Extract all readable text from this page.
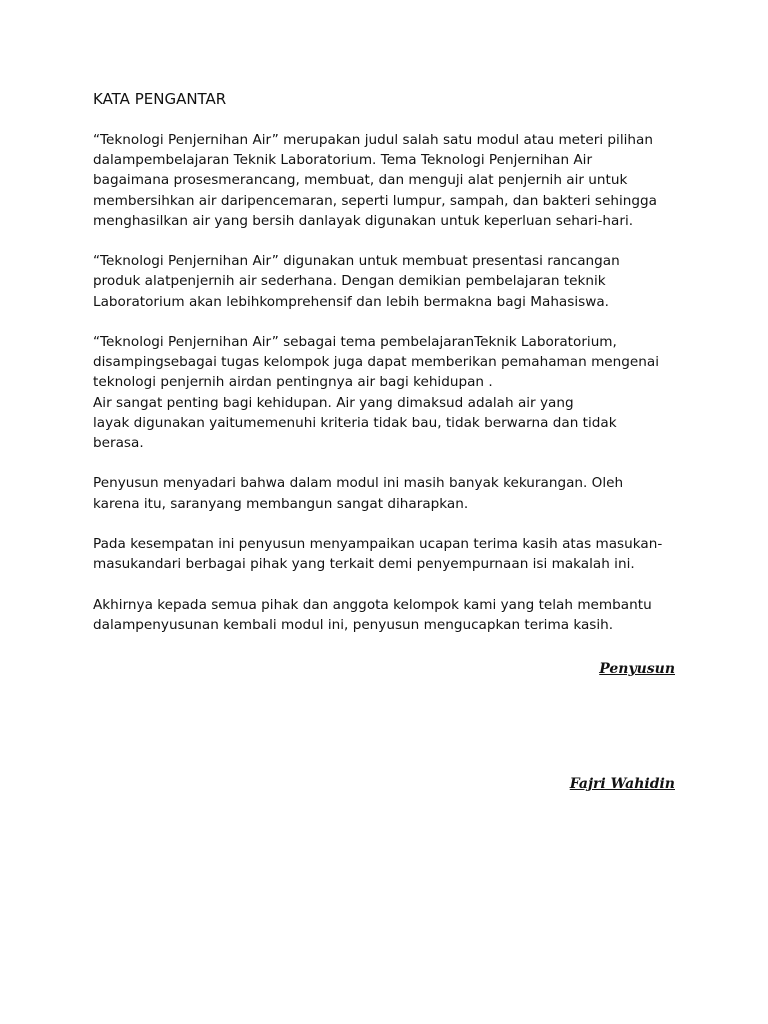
KATA PENGANTAR
“Teknologi Penjernihan Air” merupakan judul salah satu modul atau meteri pilihan
dalampembelajaran Teknik Laboratorium. Tema Teknologi Penjernihan Air
bagaimana prosesmerancang, membuat, dan menguji alat penjernih air untuk
membersihkan air daripencemaran, seperti lumpur, sampah, dan bakteri sehingga
menghasilkan air yang bersih danlayak digunakan untuk keperluan sehari-hari.
“Teknologi Penjernihan Air” digunakan untuk membuat presentasi rancangan
produk alatpenjernih air sederhana. Dengan demikian pembelajaran teknik
Laboratorium akan lebihkomprehensif dan lebih bermakna bagi Mahasiswa.
“Teknologi Penjernihan Air” sebagai tema pembelajaranTeknik Laboratorium,
disampingsebagai tugas kelompok juga dapat memberikan pemahaman mengenai
teknologi penjernih airdan pentingnya air bagi kehidupan .
Air sangat penting bagi kehidupan. Air yang dimaksud adalah air yang
layak digunakan yaitumemenuhi kriteria tidak bau, tidak berwarna dan tidak
berasa.
Penyusun menyadari bahwa dalam modul ini masih banyak kekurangan. Oleh
karena itu, saranyang membangun sangat diharapkan.
Pada kesempatan ini penyusun menyampaikan ucapan terima kasih atas masukan-
masukandari berbagai pihak yang terkait demi penyempurnaan isi makalah ini.
Akhirnya kepada semua pihak dan anggota kelompok kami yang telah membantu
dalampenyusunan kembali modul ini, penyusun mengucapkan terima kasih.
Penyusun
Fajri Wahidin
